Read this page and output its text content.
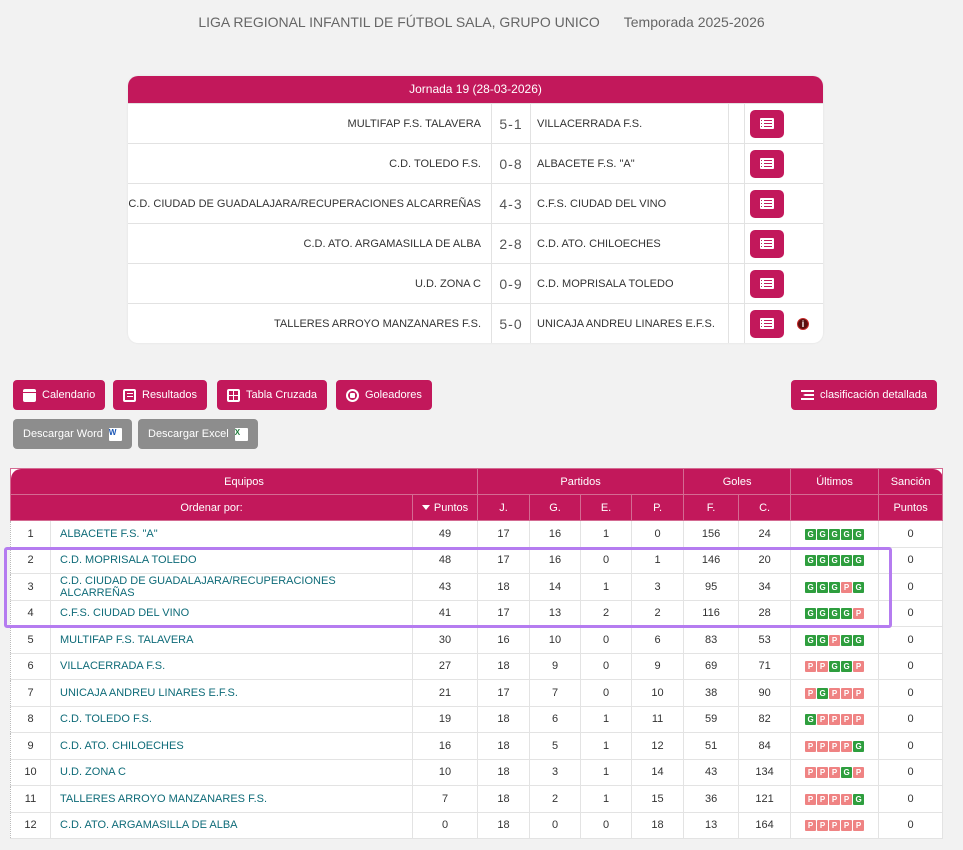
LIGA REGIONAL INFANTIL DE FÚTBOL SALA, GRUPO UNICO Temporada 2025-2026
Jornada 19 (28-03-2026)
MULTIFAP F.S. TALAVERA	5-1	VILLACERRADA F.S.
C.D. TOLEDO F.S.	0-8	ALBACETE F.S. "A"
C.D. CIUDAD DE GUADALAJARA/RECUPERACIONES ALCARREÑAS	4-3	C.F.S. CIUDAD DEL VINO
C.D. ATO. ARGAMASILLA DE ALBA	2-8	C.D. ATO. CHILOECHES
U.D. ZONA C	0-9	C.D. MOPRISALA TOLEDO
TALLERES ARROYO MANZANARES F.S.	5-0	UNICAJA ANDREU LINARES E.F.S.	i
Calendario	Resultados	Tabla Cruzada	Goleadores	clasificación detallada
Descargar Word W	Descargar Excel X
Equipos			Partidos				Goles		Últimos	Sanción
Ordenar por:		Puntos	J.	G.	E.	P.	F.	C.		Puntos
1	ALBACETE F.S. "A"	49	17	16	1	0	156	24	G G G G G	0
2	C.D. MOPRISALA TOLEDO	48	17	16	0	1	146	20	G G G G G	0
3	C.D. CIUDAD DE GUADALAJARA/RECUPERACIONES ALCARREÑAS	43	18	14	1	3	95	34	G G G P G	0
4	C.F.S. CIUDAD DEL VINO	41	17	13	2	2	116	28	G G G G P	0
5	MULTIFAP F.S. TALAVERA	30	16	10	0	6	83	53	G G P G G	0
6	VILLACERRADA F.S.	27	18	9	0	9	69	71	P P G G P	0
7	UNICAJA ANDREU LINARES E.F.S.	21	17	7	0	10	38	90	P G P P P	0
8	C.D. TOLEDO F.S.	19	18	6	1	11	59	82	G P P P P	0
9	C.D. ATO. CHILOECHES	16	18	5	1	12	51	84	P P P P G	0
10	U.D. ZONA C	10	18	3	1	14	43	134	P P P G P	0
11	TALLERES ARROYO MANZANARES F.S.	7	18	2	1	15	36	121	P P P P G	0
12	C.D. ATO. ARGAMASILLA DE ALBA	0	18	0	0	18	13	164	P P P P P	0
